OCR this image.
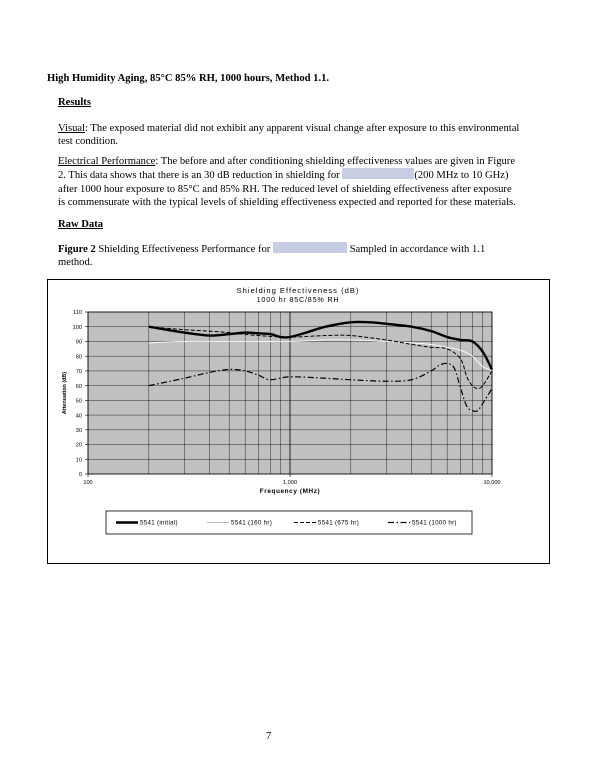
High Humidity Aging, 85°C 85% RH, 1000 hours, Method 1.1.
Results
Visual: The exposed material did not exhibit any apparent visual change after exposure to this environmental
test condition.
Electrical Performance: The before and after conditioning shielding effectiveness values are given in Figure
2. This data shows that there is an 30 dB reduction in shielding for	(200 MHz to 10 GHz)
after 1000 hour exposure to 85°C and 85% RH. The reduced level of shielding effectiveness after exposure
is commensurate with the typical levels of shielding effectiveness expected and reported for these materials.
Raw Data
Figure 2 Shielding Effectiveness Performance for	Sampled in accordance with 1.1
method.
Shielding Effectiveness (dB)
1000 hr 85C/85% RH
0
10
20
30
40
50
60
70
80
90
100
110
100	1,000	10,000
Frequency (MHz)
Attenuation (dB)
5541 (initial)	5541 (160 hr)	5541 (675 hr)	5541 (1000 hr)
7
